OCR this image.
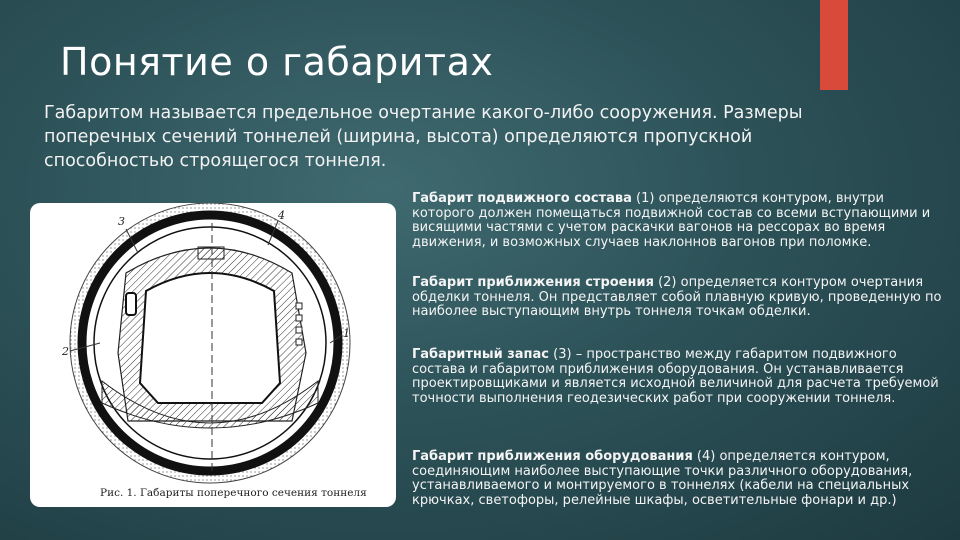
Понятие о габаритах

Габаритом называется предельное очертание какого-либо сооружения. Размеры поперечных сечений тоннелей (ширина, высота) определяются пропускной способностью строящегося тоннеля.

3	4
2
1
Рис. 1. Габариты поперечного сечения тоннеля

Габарит подвижного состава (1) определяются контуром, внутри которого должен помещаться подвижной состав со всеми вступающими и висящими частями с учетом раскачки вагонов на рессорах во время движения, и возможных случаев наклоннов вагонов при поломке.

Габарит приближения строения (2) определяется контуром очертания обделки тоннеля. Он представляет собой плавную кривую, проведенную по наиболее выступающим внутрь тоннеля точкам обделки.

Габаритный запас (3) – пространство между габаритом подвижного состава и габаритом приближения оборудования. Он устанавливается проектировщиками и является исходной величиной для расчета требуемой точности выполнения геодезических работ при сооружении тоннеля.

Габарит приближения оборудования (4) определяется контуром, соединяющим наиболее выступающие точки различного оборудования, устанавливаемого и монтируемого в тоннелях (кабели на специальных крючках, светофоры, релейные шкафы, осветительные фонари и др.)
